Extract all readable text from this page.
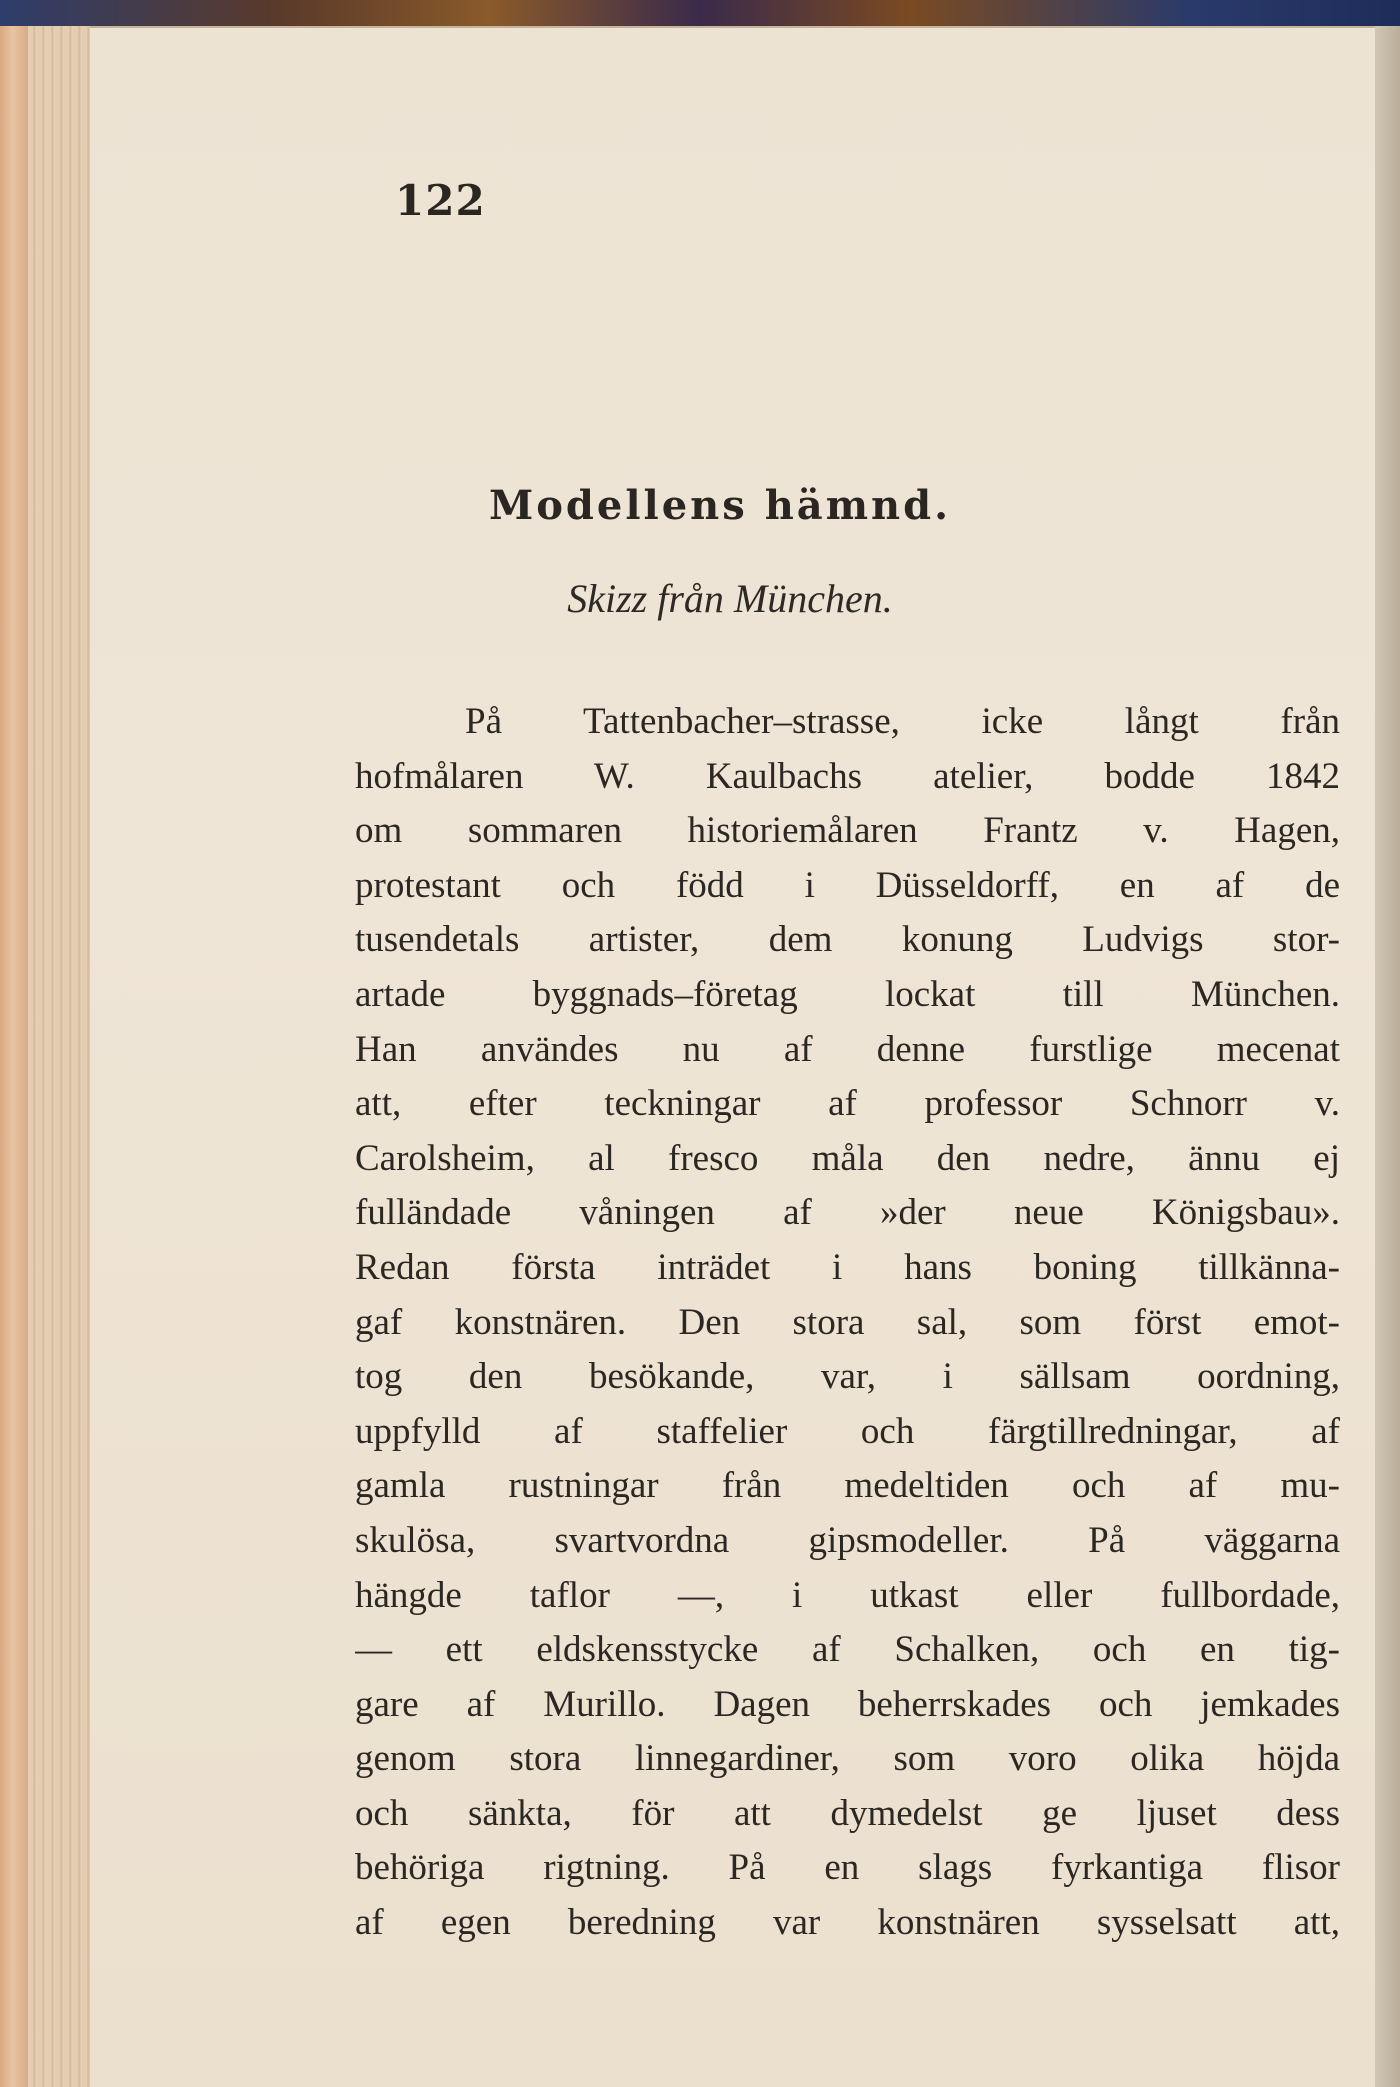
122
Modellens hämnd.
Skizz från München.
På Tattenbacher–strasse, icke långt från
hofmålaren W. Kaulbachs atelier, bodde 1842
om sommaren historiemålaren Frantz v. Hagen,
protestant och född i Düsseldorff, en af de
tusendetals artister, dem konung Ludvigs stor-
artade byggnads–företag lockat till München.
Han användes nu af denne furstlige mecenat
att, efter teckningar af professor Schnorr v.
Carolsheim, al fresco måla den nedre, ännu ej
fulländade våningen af »der neue Königsbau».
Redan första inträdet i hans boning tillkänna-
gaf konstnären. Den stora sal, som först emot-
tog den besökande, var, i sällsam oordning,
uppfylld af staffelier och färgtillredningar, af
gamla rustningar från medeltiden och af mu-
skulösa, svartvordna gipsmodeller. På väggarna
hängde taflor —, i utkast eller fullbordade,
— ett eldskensstycke af Schalken, och en tig-
gare af Murillo. Dagen beherrskades och jemkades
genom stora linnegardiner, som voro olika höjda
och sänkta, för att dymedelst ge ljuset dess
behöriga rigtning. På en slags fyrkantiga flisor
af egen beredning var konstnären sysselsatt att,
